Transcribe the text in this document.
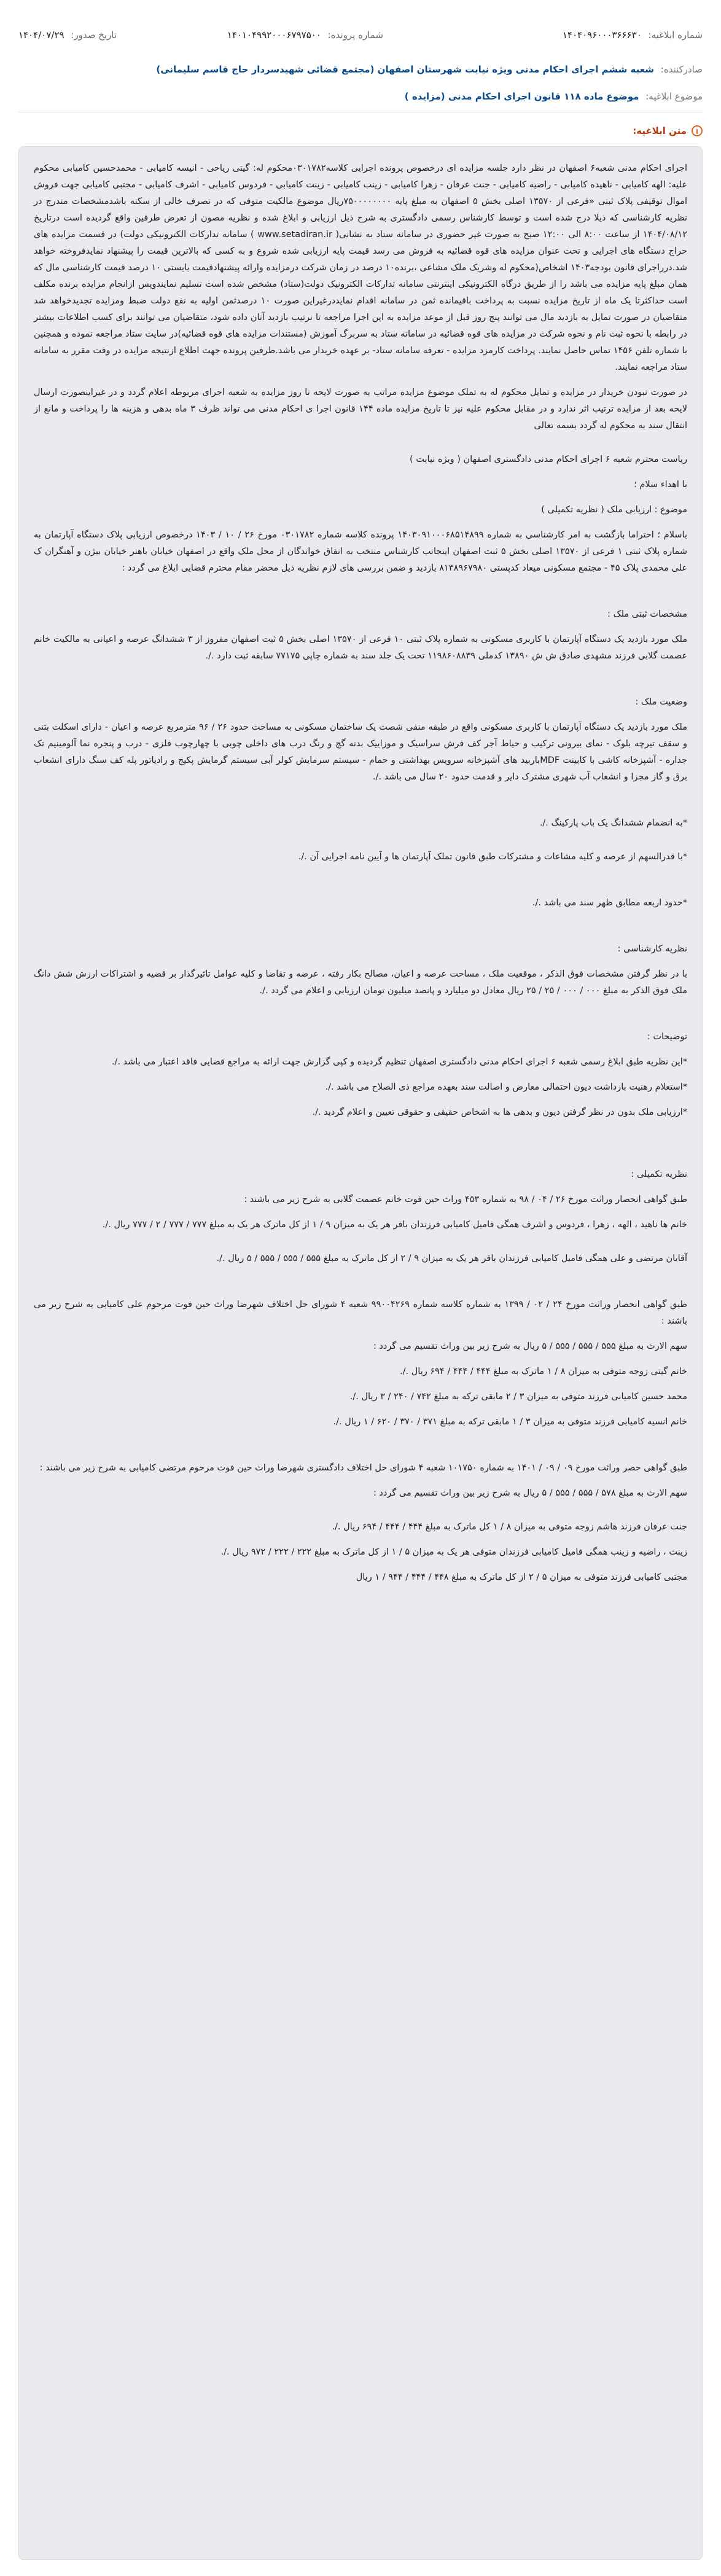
شماره ابلاغیه: ۱۴۰۴۰۹۶۰۰۰۳۶۶۶۳۰
شماره پرونده: ۱۴۰۱۰۴۹۹۲۰۰۰۶۷۹۷۵۰۰
تاریخ صدور: ۱۴۰۴/۰۷/۲۹
صادرکننده: شعبه ششم اجرای احکام مدنی ویژه نیابت شهرستان اصفهان (مجتمع قضائی شهیدسردار حاج قاسم سلیمانی)
موضوع ابلاغیه: موضوع ماده ۱۱۸ قانون اجرای احکام مدنی (مزایده )
متن ابلاغیه:

اجرای احکام مدنی شعبه۶ اصفهان در نظر دارد جلسه مزایده ای درخصوص پرونده اجرایی کلاسه۰۳۰۱۷۸۲محکوم له: گیتی ریاحی - انیسه کامیابی - محمدحسین کامیابی محکوم علیه: الهه کامیابی - ناهیده کامیابی - راضیه کامیابی - جنت عرفان - زهرا کامیابی - زینب کامیابی - زینت کامیابی - فردوس کامیابی - اشرف کامیابی - مجتبی کامیابی جهت فروش اموال توقیفی پلاک ثبتی «فرعی از ۱۳۵۷۰ اصلی بخش ۵ اصفهان به مبلغ پایه ۷۵۰۰۰۰۰۰۰۰ریال موضوع مالکیت متوفی که در تصرف خالی از سکنه باشدمشخصات مندرج در نظریه کارشناسی که ذیلا درج شده است و توسط کارشناس رسمی دادگستری به شرح ذیل ارزیابی و ابلاغ شده و نظریه مصون از تعرض طرفین واقع گردیده است درتاریخ ۱۴۰۴/۰۸/۱۲ از ساعت ۸:۰۰ الی ۱۲:۰۰ صبح به صورت غیر حضوری در سامانه ستاد به نشانی( www.setadiran.ir ) سامانه تدارکات الکترونیکی دولت) در قسمت مزایده های حراج دستگاه های اجرایی و تحت عنوان مزایده های قوه قضائیه به فروش می رسد قیمت پایه ارزیابی شده شروع و به کسی که بالاترین قیمت را پیشنهاد نمایدفروخته خواهد شد.درراجرای قانون بودجه۱۴۰۳ اشخاص(محکوم له وشریک ملک مشاعی ،برنده۱۰ درصد در زمان شرکت درمزایده وارائه پیشنهادقیمت بایستی ۱۰ درصد قیمت کارشناسی مال که همان مبلغ پایه مزایده می باشد را از طریق درگاه الکترونیکی اینترنتی سامانه تدارکات الکترونیک دولت(ستاد) مشخص شده است تسلیم نمایندوپس ازانجام مزایده برنده مکلف است حداکثرتا یک ماه از تاریخ مزایده نسبت به پرداخت باقیمانده ثمن در سامانه اقدام نمایددرغیراین صورت ۱۰ درصدثمن اولیه به نفع دولت ضبط ومزایده تجدیدخواهد شد متقاضیان در صورت تمایل به بازدید مال می توانند پنج روز قبل از موعد مزایده به این اجرا مراجعه تا ترتیب بازدید آنان داده شود، متقاضیان می توانند برای کسب اطلاعات بیشتر در رابطه با نحوه ثبت نام و نحوه شرکت در مزایده های قوه قضائیه در سامانه ستاد به سربرگ آموزش (مستندات مزایده های قوه قضائیه)در سایت ستاد مراجعه نموده و همچنین با شماره تلفن ۱۴۵۶ تماس حاصل نمایند. پرداخت کارمزد مزایده - تعرفه سامانه ستاد- بر عهده خریدار می باشد.طرفین پرونده جهت اطلاع ازنتیجه مزایده در وقت مقرر به سامانه ستاد مراجعه نمایند.

در صورت نبودن خریدار در مزایده و تمایل محکوم له به تملک موضوع مزایده مراتب به صورت لایحه تا روز مزایده به شعبه اجرای مربوطه اعلام گردد و در غیراینصورت ارسال لایحه بعد از مزایده ترتیب اثر ندارد و در مقابل محکوم علیه نیز تا تاریخ مزایده ماده ۱۴۴ قانون اجرا ی احکام مدنی می تواند ظرف ۳ ماه بدهی و هزینه ها را پرداخت و مانع از انتقال سند به محکوم له گردد بسمه تعالی

رياست محترم شعبه ۶ اجرای احکام مدنی دادگستری اصفهان ( ویژه نیابت )

با اهداء سلام ؛

موضوع : ارزیابی ملک ( نظریه تکمیلی )

باسلام ؛ احتراما بازگشت به امر کارشناسی به شماره ۱۴۰۳۰۹۱۰۰۰۶۸۵۱۴۸۹۹ پرونده کلاسه شماره ۰۳۰۱۷۸۲ مورخ ۲۶ / ۱۰ / ۱۴۰۳ درخصوص ارزیابی پلاک دستگاه آپارتمان به شماره پلاک ثبتی ۱ فرعی از ۱۳۵۷۰ اصلی بخش ۵ ثبت اصفهان اینجانب کارشناس منتخب به اتفاق خواندگان از محل ملک واقع در اصفهان خیابان باهنر خیابان بیژن و آهنگران ک علی محمدی پلاک ۴۵ - مجتمع مسکونی میعاد کدپستی ۸۱۳۸۹۶۷۹۸۰ بازدید و ضمن بررسی های لازم نظریه ذیل محضر مقام محترم قضایی ابلاغ می گردد :

مشخصات ثبتی ملک :

ملک مورد بازدید یک دستگاه آپارتمان با کاربری مسکونی به شماره پلاک ثبتی ۱۰ فرعی از ۱۳۵۷۰ اصلی بخش ۵ ثبت اصفهان مفروز از ۳ ششدانگ عرصه و اعیانی به مالکیت خانم عصمت گلابی فرزند مشهدی صادق ش ش ۱۳۸۹۰ کدملی ۱۱۹۸۶۰۸۸۳۹ تحت یک جلد سند به شماره چاپی ۷۷۱۷۵ سابقه ثبت دارد ./.

وضعیت ملک :

ملک مورد بازدید یک دستگاه آپارتمان با کاربری مسکونی واقع در طبقه منفی شصت یک ساختمان مسکونی به مساحت حدود ۲۶ / ۹۶ مترمربع عرصه و اعیان - دارای اسکلت بتنی و سقف تیرچه بلوک - نمای بیرونی ترکیب و حیاط آجر کف فرش سراسیک و موزاییک بدنه گچ و رنگ درب های داخلی چوبی با چهارچوب فلزی - درب و پنجره نما آلومینیم تک جداره - آشپزخانه کاشی با کابینت MDFباربید های آشپزخانه سرویس بهداشتی و حمام - سیستم سرمایش کولر آبی سیستم گرمایش پکیج و رادیاتور پله کف سنگ دارای انشعاب برق و گاز مجزا و انشعاب آب شهری مشترک دایر و قدمت حدود ۲۰ سال می باشد ./.

*به انضمام ششدانگ یک باب پارکینگ ./.

*با قدرالسهم از عرصه و کلیه مشاعات و مشترکات طبق قانون تملک آپارتمان ها و آیین نامه اجرایی آن ./.

*حدود اربعه مطابق ظهر سند می باشد ./.

نظریه کارشناسی :

با در نظر گرفتن مشخصات فوق الذکر ، موقعیت ملک ، مساحت عرصه و اعیان، مصالح بکار رفته ، عرضه و تقاضا و کلیه عوامل تاثیرگذار بر قضیه و اشتراکات ارزش شش دانگ ملک فوق الذکر به مبلغ ۰۰۰ / ۰۰۰ / ۲۵ / ۲۵ ریال معادل دو میلیارد و پانصد میلیون تومان ارزیابی و اعلام می گردد ./.

توضیحات :

*این نظریه طبق ابلاغ رسمی شعبه ۶ اجرای احکام مدنی دادگستری اصفهان تنظیم گردیده و کپی گزارش جهت ارائه به مراجع قضایی فاقد اعتبار می باشد ./.

*استعلام رهنیت بازداشت دیون احتمالی معارض و اصالت سند بعهده مراجع ذی الصلاح می باشد ./.

*ارزیابی ملک بدون در نظر گرفتن دیون و بدهی ها به اشخاص حقیقی و حقوقی تعیین و اعلام گردید ./.

نظریه تکمیلی :

طبق گواهی انحصار وراثت مورخ ۲۶ / ۰۴ / ۹۸ به شماره ۴۵۳ وراث حین فوت خانم عصمت گلابی به شرح زیر می باشند :

خانم ها ناهید ، الهه ، زهرا ، فردوس و اشرف همگی فامیل کامیابی فرزندان باقر هر یک به میزان ۹ / ۱ از کل ماترک هر یک به مبلغ ۷۷۷ / ۷۷۷ / ۲ / ۷۷۷ ریال ./.

آقایان مرتضی و علی همگی فامیل کامیابی فرزندان باقر هر یک به میزان ۹ / ۲ از کل ماترک به مبلغ ۵۵۵ / ۵۵۵ / ۵۵۵ / ۵ ریال ./.

طبق گواهی انحصار وراثت مورخ ۲۴ / ۰۲ / ۱۳۹۹ به شماره کلاسه شماره ۹۹۰۰۴۲۶۹ شعبه ۴ شورای حل اختلاف شهرضا وراث حین فوت مرحوم علی کامیابی به شرح زیر می باشند :

سهم الارث به مبلغ ۵۵۵ / ۵۵۵ / ۵۵۵ / ۵ ریال به شرح زیر بین وراث تقسیم می گردد :

خانم گیتی زوجه متوفی به میزان ۸ / ۱ ماترک به مبلغ ۴۴۴ / ۴۴۴ / ۶۹۴ ریال ./.

محمد حسین کامیابی فرزند متوفی به میزان ۳ / ۲ مابقی ترکه به مبلغ ۷۴۲ / ۲۴۰ / ۳ ریال ./.

خانم انسیه کامیابی فرزند متوفی به میزان ۳ / ۱ مابقی ترکه به مبلغ ۳۷۱ / ۳۷۰ / ۶۲۰ / ۱ ریال ./.

طبق گواهی حصر وراثت مورخ ۰۹ / ۰۹ / ۱۴۰۱ به شماره ۱۰۱۷۵۰ شعبه ۴ شورای حل اختلاف دادگستری شهرضا وراث حین فوت مرحوم مرتضی کامیابی به شرح زیر می باشند :

سهم الارث به مبلغ ۵۷۸ / ۵۵۵ / ۵۵۵ / ۵ ریال به شرح زیر بین وراث تقسیم می گردد :

جنت عرفان فرزند هاشم زوجه متوفی به میزان ۸ / ۱ کل ماترک به مبلغ ۴۴۴ / ۴۴۴ / ۶۹۴ ریال ./.

زینت ، راضیه و زینب همگی فامیل کامیابی فرزندان متوفی هر یک به میزان ۵ / ۱ از کل ماترک به مبلغ ۲۲۲ / ۲۲۲ / ۹۷۲ ریال ./.

مجتبی کامیابی فرزند متوفی به میزان ۵ / ۲ از کل ماترک به مبلغ ۴۴۸ / ۴۴۴ / ۹۴۴ / ۱ ریال
